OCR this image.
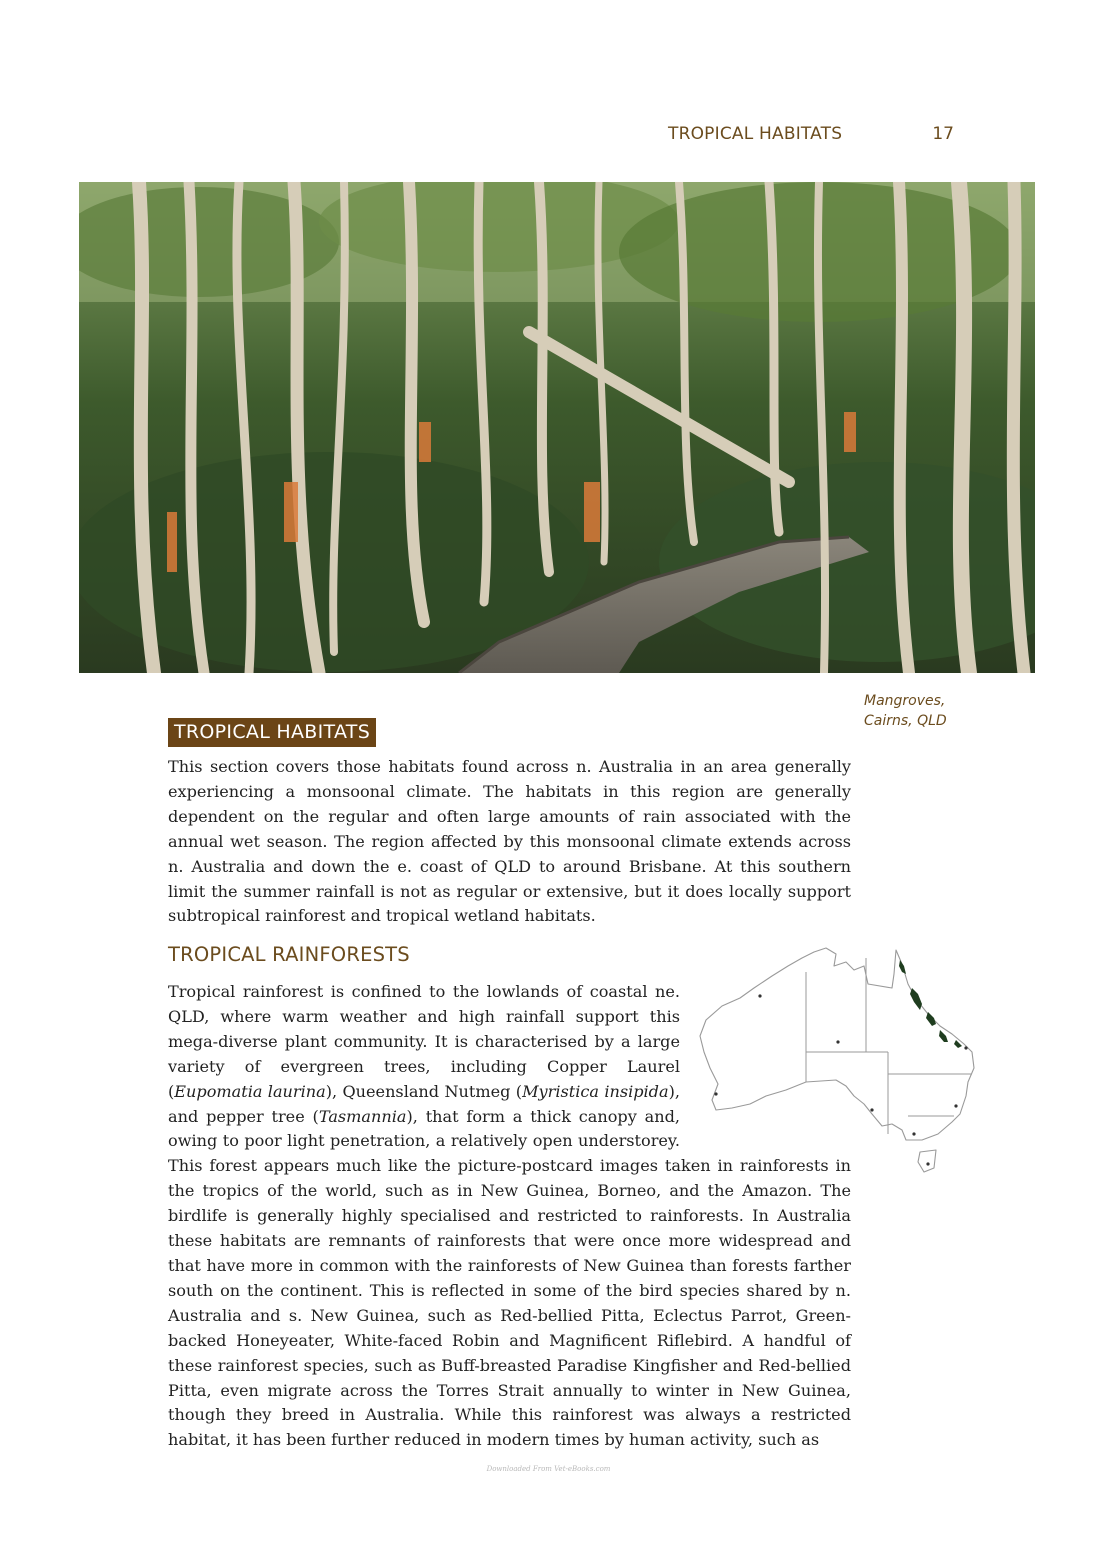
TROPICAL HABITATS	17
Mangroves,
Cairns, QLD
TROPICAL HABITATS

This section covers those habitats found across n. Australia in an area generally experiencing a monsoonal climate. The habitats in this region are generally dependent on the regular and often large amounts of rain associated with the annual wet season. The region affected by this monsoonal climate extends across n. Australia and down the e. coast of QLD to around Brisbane. At this southern limit the summer rainfall is not as regular or extensive, but it does locally support subtropical rainforest and tropical wetland habitats.

TROPICAL RAINFORESTS
Tropical rainforest is confined to the lowlands of coastal ne. QLD, where warm weather and high rainfall support this mega-diverse plant community. It is characterised by a large variety of evergreen trees, including Copper Laurel (Eupomatia laurina), Queensland Nutmeg (Myristica insipida), and pepper tree (Tasmannia), that form a thick canopy and, owing to poor light penetration, a relatively open understorey. This forest appears much like the picture-postcard images taken in rainforests in the tropics of the world, such as in New Guinea, Borneo, and the Amazon. The birdlife is generally highly specialised and restricted to rainforests. In Australia these habitats are remnants of rainforests that were once more widespread and that have more in common with the rainforests of New Guinea than forests farther south on the continent. This is reflected in some of the bird species shared by n. Australia and s. New Guinea, such as Red-bellied Pitta, Eclectus Parrot, Green-backed Honeyeater, White-faced Robin and Magnificent Riflebird. A handful of these rainforest species, such as Buff-breasted Paradise Kingfisher and Red-bellied Pitta, even migrate across the Torres Strait annually to winter in New Guinea, though they breed in Australia. While this rainforest was always a restricted habitat, it has been further reduced in modern times by human activity, such as
Downloaded From Vet-eBooks.com
